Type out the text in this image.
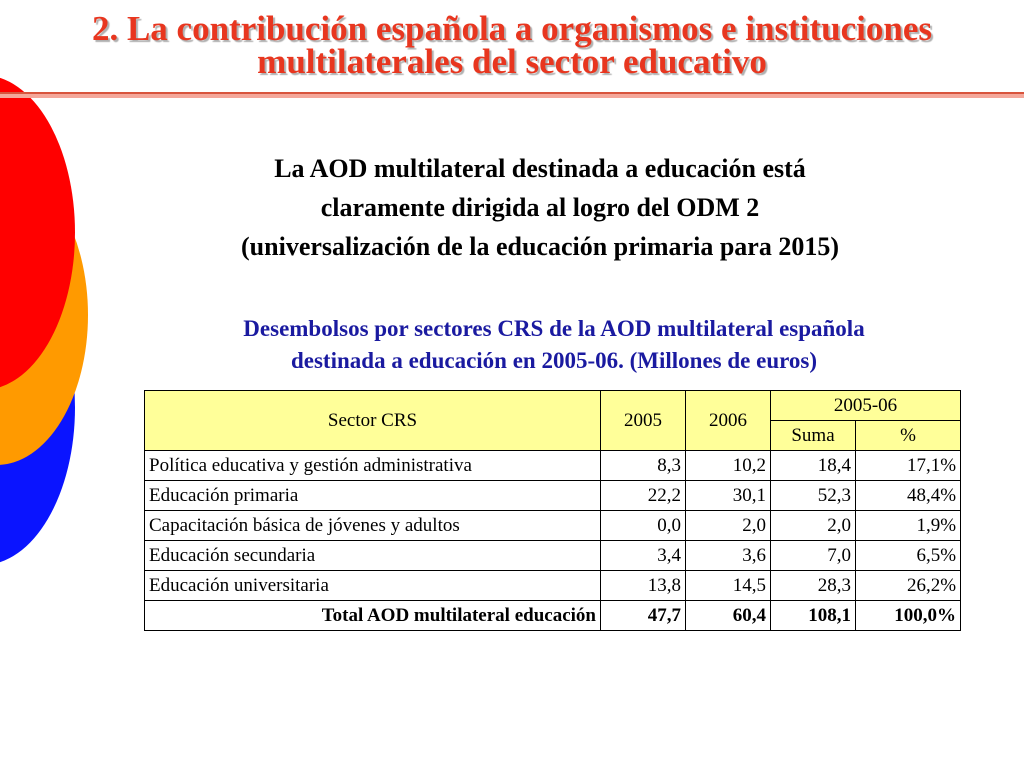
2. La contribución española a organismos e instituciones multilaterales del sector educativo
La AOD multilateral destinada a educación está
claramente dirigida al logro del ODM 2
(universalización de la educación primaria para 2015)
Desembolsos por sectores CRS de la AOD multilateral española
destinada a educación en 2005-06. (Millones de euros)
Sector CRS	2005	2006	2005-06	
			Suma	%
Política educativa y gestión administrativa	8,3	10,2	18,4	17,1%
Educación primaria	22,2	30,1	52,3	48,4%
Capacitación básica de jóvenes y adultos	0,0	2,0	2,0	1,9%
Educación secundaria	3,4	3,6	7,0	6,5%
Educación universitaria	13,8	14,5	28,3	26,2%
Total AOD multilateral educación	47,7	60,4	108,1	100,0%
